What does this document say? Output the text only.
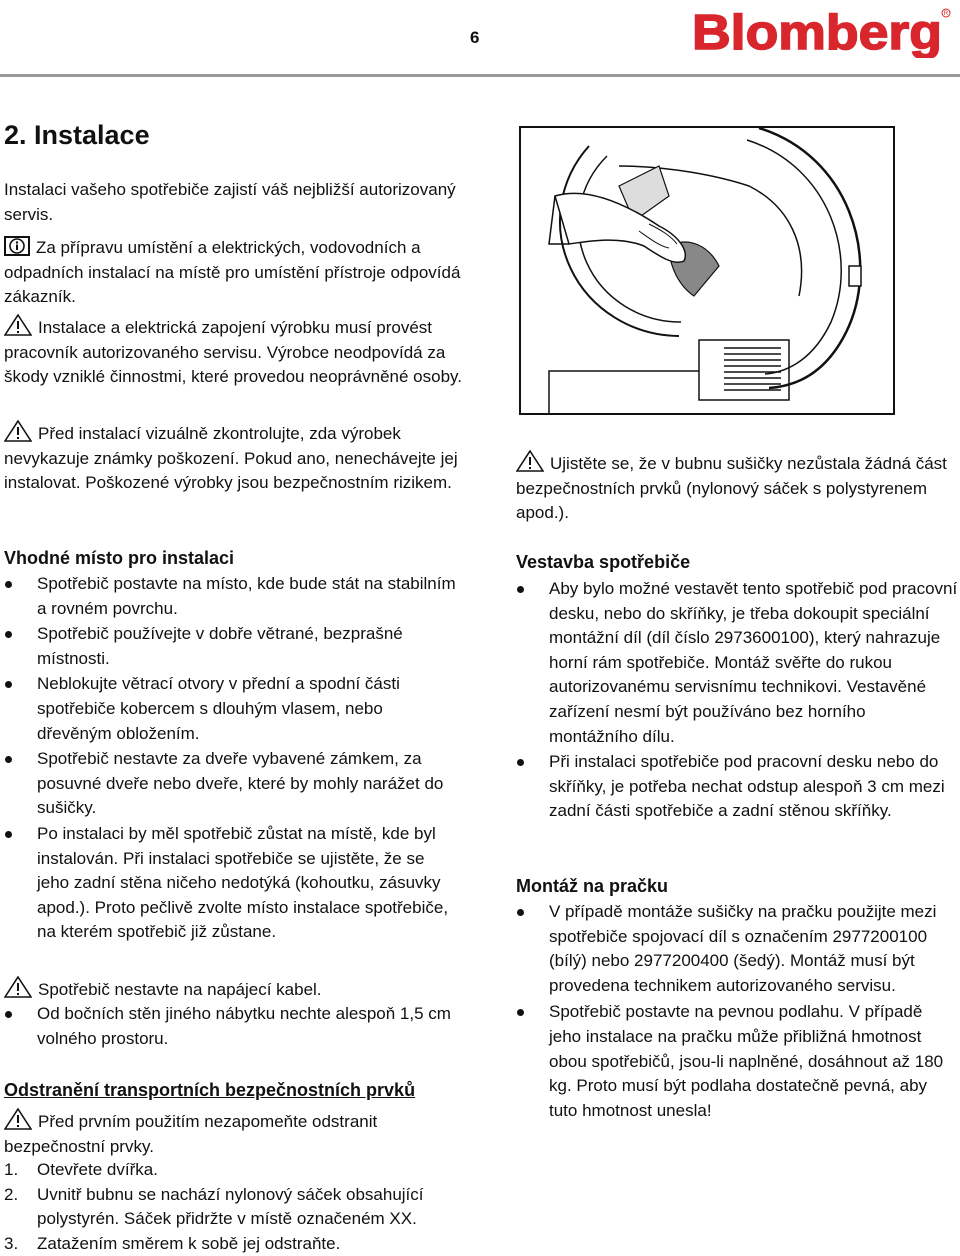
6	Blomberg R
2. Instalace
Instalaci vašeho spotřebiče zajistí váš nejbližší autorizovaný servis.
Za přípravu umístění a elektrických, vodovodních a odpadních instalací na místě pro umístění přístroje odpovídá zákazník.
Instalace a elektrická zapojení výrobku musí provést pracovník autorizovaného servisu. Výrobce neodpovídá za škody vzniklé činnostmi, které provedou neoprávněné osoby.
Před instalací vizuálně zkontrolujte, zda výrobek nevykazuje známky poškození. Pokud ano, nenechávejte jej instalovat. Poškozené výrobky jsou bezpečnostním rizikem.
Vhodné místo pro instalaci
Spotřebič postavte na místo, kde bude stát na stabilním a rovném povrchu.
Spotřebič používejte v dobře větrané, bezprašné místnosti.
Neblokujte větrací otvory v přední a spodní části spotřebiče kobercem s dlouhým vlasem, nebo dřevěným obložením.
Spotřebič nestavte za dveře vybavené zámkem, za posuvné dveře nebo dveře, které by mohly narážet do sušičky.
Po instalaci by měl spotřebič zůstat na místě, kde byl instalován. Při instalaci spotřebiče se ujistěte, že se jeho zadní stěna ničeho nedotýká (kohoutku, zásuvky apod.). Proto pečlivě zvolte místo instalace spotřebiče, na kterém spotřebič již zůstane.
Spotřebič nestavte na napájecí kabel.
Od bočních stěn jiného nábytku nechte alespoň 1,5 cm volného prostoru.
Odstranění transportních bezpečnostních prvků
Před prvním použitím nezapomeňte odstranit bezpečnostní prvky.
1. Otevřete dvířka.
2. Uvnitř bubnu se nachází nylonový sáček obsahující polystyrén. Sáček přidržte v místě označeném XX.
3. Zatažením směrem k sobě jej odstraňte.
Ujistěte se, že v bubnu sušičky nezůstala žádná část bezpečnostních prvků (nylonový sáček s polystyrenem apod.).
Vestavba spotřebiče
Aby bylo možné vestavět tento spotřebič pod pracovní desku, nebo do skříňky, je třeba dokoupit speciální montážní díl (díl číslo 2973600100), který nahrazuje horní rám spotřebiče. Montáž svěřte do rukou autorizovanému servisnímu technikovi. Vestavěné zařízení nesmí být používáno bez horního montážního dílu.
Při instalaci spotřebiče pod pracovní desku nebo do skříňky, je potřeba nechat odstup alespoň 3 cm mezi zadní části spotřebiče a zadní stěnou skříňky.
Montáž na pračku
V případě montáže sušičky na pračku použijte mezi spotřebiče spojovací díl s označením 2977200100 (bílý) nebo 2977200400 (šedý). Montáž musí být provedena technikem autorizovaného servisu.
Spotřebič postavte na pevnou podlahu. V případě jeho instalace na pračku může přibližná hmotnost obou spotřebičů, jsou-li naplněné, dosáhnout až 180 kg. Proto musí být podlaha dostatečně pevná, aby tuto hmotnost unesla!
